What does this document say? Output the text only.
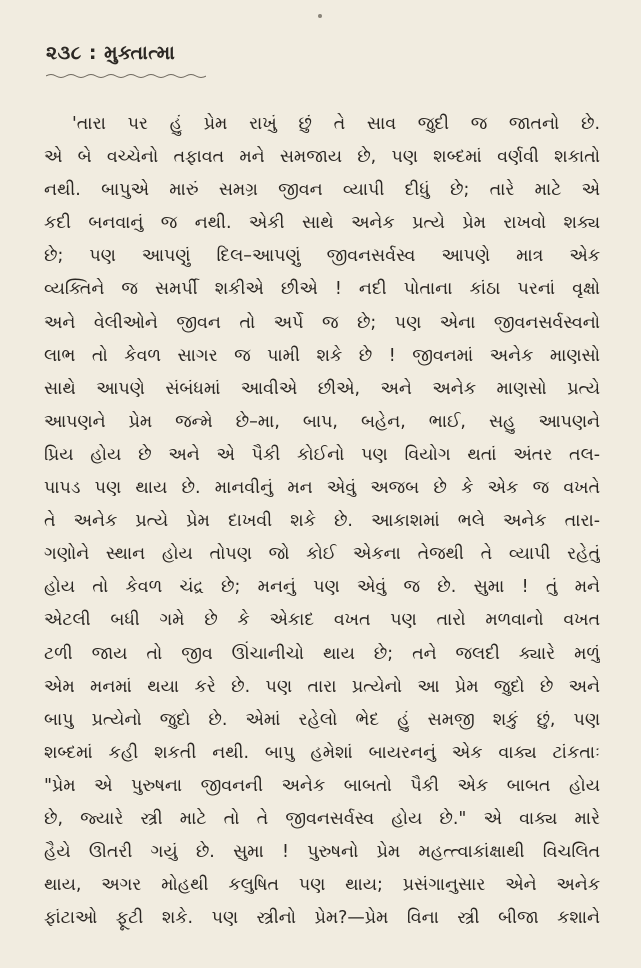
૨૩૮ : મુક્તાત્મા
'તારા પર હું પ્રેમ રાખું છું તે સાવ જુદી જ જાતનો છે.
એ બે વચ્ચેનો તફાવત મને સમજાય છે, પણ શબ્દમાં વર્ણવી શકાતો
નથી. બાપુએ મારું સમગ્ર જીવન વ્યાપી દીધું છે; તારે માટે એ
કદી બનવાનું જ નથી. એકી સાથે અનેક પ્રત્યે પ્રેમ રાખવો શક્ય
છે; પણ આપણું દિલ–આપણું જીવનસર્વસ્વ આપણે માત્ર એક
વ્યક્તિને જ સમર્પી શકીએ છીએ ! નદી પોતાના કાંઠા પરનાં વૃક્ષો
અને વેલીઓને જીવન તો અર્પે જ છે; પણ એના જીવનસર્વસ્વનો
લાભ તો કેવળ સાગર જ પામી શકે છે ! જીવનમાં અનેક માણસો
સાથે આપણે સંબંધમાં આવીએ છીએ, અને અનેક માણસો પ્રત્યે
આપણને પ્રેમ જન્મે છે–મા, બાપ, બહેન, ભાઈ, સહુ આપણને
પ્રિય હોય છે અને એ પૈકી કોઈનો પણ વિયોગ થતાં અંતર તલ-
પાપડ પણ થાય છે. માનવીનું મન એવું અજબ છે કે એક જ વખતે
તે અનેક પ્રત્યે પ્રેમ દાખવી શકે છે. આકાશમાં ભલે અનેક તારા-
ગણોને સ્થાન હોય તોપણ જો કોઈ એકના તેજથી તે વ્યાપી રહેતું
હોય તો કેવળ ચંદ્ર છે; મનનું પણ એવું જ છે. સુમા ! તું મને
એટલી બધી ગમે છે કે એકાદ વખત પણ તારો મળવાનો વખત
ટળી જાય તો જીવ ઊંચાનીચો થાય છે; તને જલદી ક્યારે મળું
એમ મનમાં થયા કરે છે. પણ તારા પ્રત્યેનો આ પ્રેમ જુદો છે અને
બાપુ પ્રત્યેનો જુદો છે. એમાં રહેલો ભેદ હું સમજી શકું છું, પણ
શબ્દમાં કહી શકતી નથી. બાપુ હમેશાં બાયરનનું એક વાક્ય ટાંકતાઃ
"પ્રેમ એ પુરુષના જીવનની અનેક બાબતો પૈકી એક બાબત હોય
છે, જ્યારે સ્ત્રી માટે તો તે જીવનસર્વસ્વ હોય છે." એ વાક્ય મારે
હૈયે ઊતરી ગયું છે. સુમા ! પુરુષનો પ્રેમ મહત્ત્વાકાંક્ષાથી વિચલિત
થાય, અગર મોહથી કલુષિત પણ થાય; પ્રસંગાનુસાર એને અનેક
ફાંટાઓ ફૂટી શકે. પણ સ્ત્રીનો પ્રેમ?—પ્રેમ વિના સ્ત્રી બીજા કશાને
